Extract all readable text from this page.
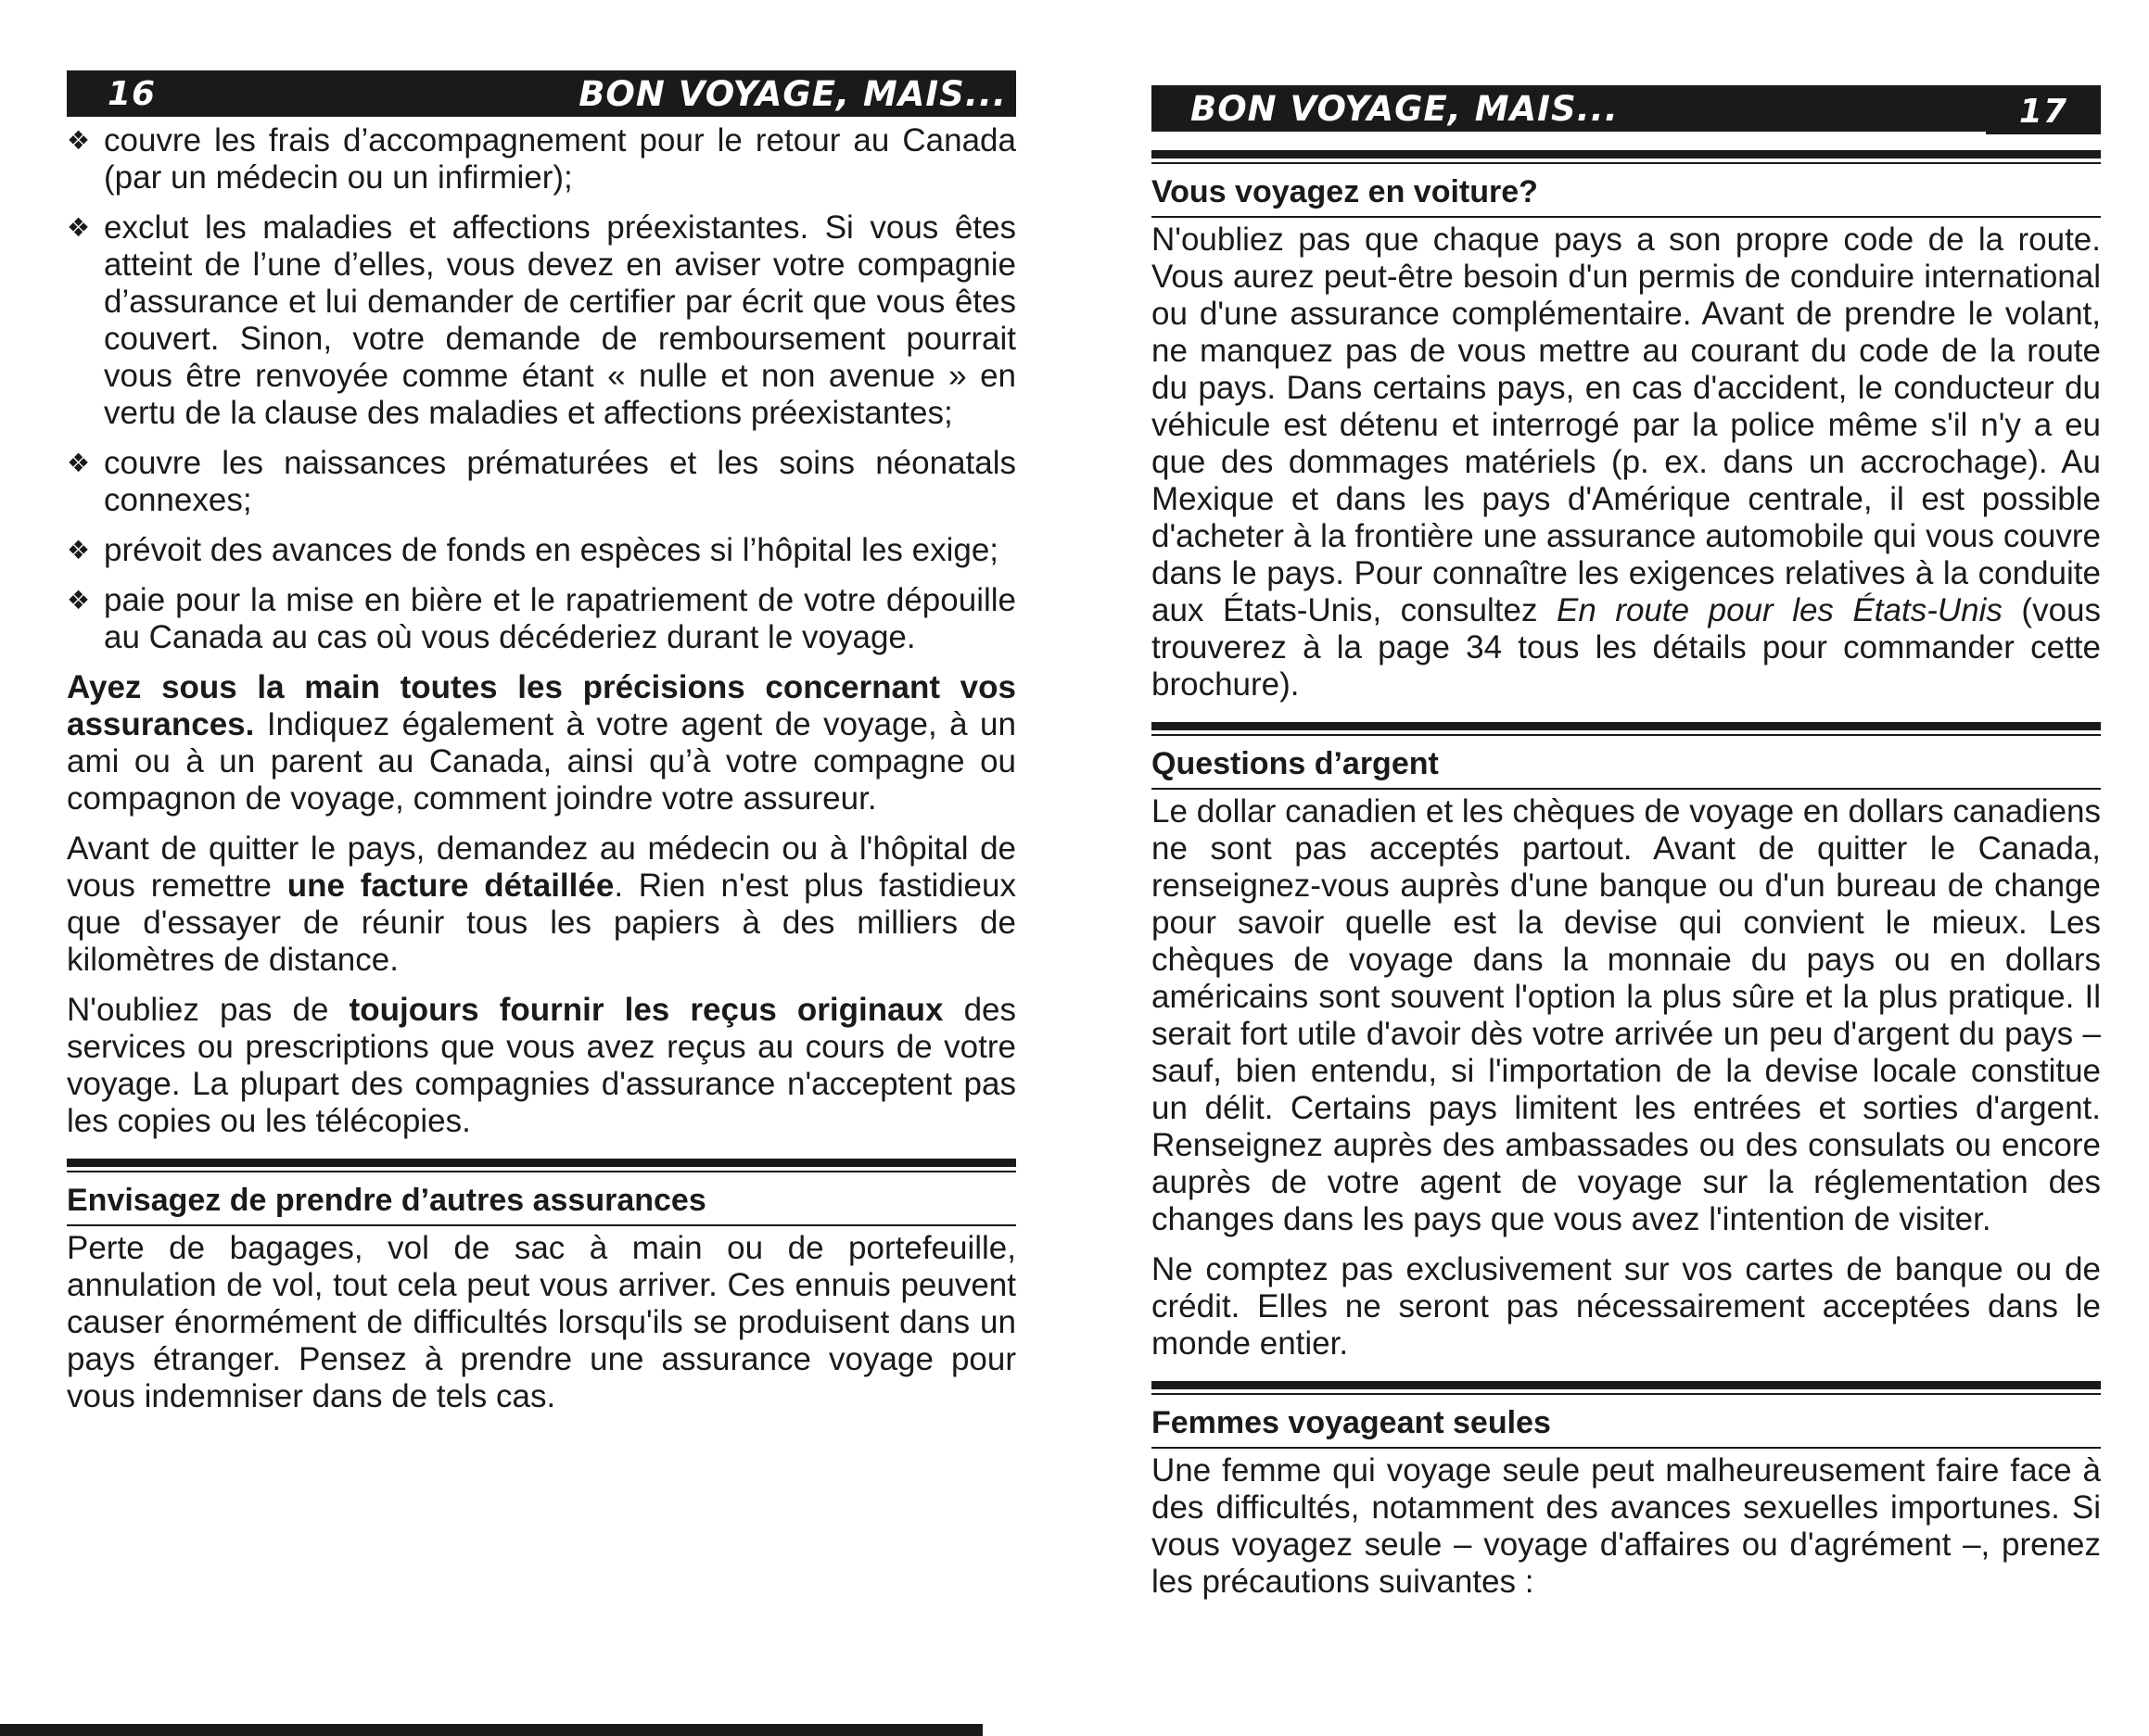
16	BON VOYAGE, MAIS...
❖ couvre les frais d’accompagnement pour le retour au Canada (par un médecin ou un infirmier);
❖ exclut les maladies et affections préexistantes. Si vous êtes atteint de l’une d’elles, vous devez en aviser votre compagnie d’assurance et lui demander de certifier par écrit que vous êtes couvert. Sinon, votre demande de remboursement pourrait vous être renvoyée comme étant « nulle et non avenue » en vertu de la clause des maladies et affections préexistantes;
❖ couvre les naissances prématurées et les soins néonatals connexes;
❖ prévoit des avances de fonds en espèces si l’hôpital les exige;
❖ paie pour la mise en bière et le rapatriement de votre dépouille au Canada au cas où vous décéderiez durant le voyage.

Ayez sous la main toutes les précisions concernant vos assurances. Indiquez également à votre agent de voyage, à un ami ou à un parent au Canada, ainsi qu’à votre compagne ou compagnon de voyage, comment joindre votre assureur.

Avant de quitter le pays, demandez au médecin ou à l'hôpital de vous remettre une facture détaillée. Rien n'est plus fastidieux que d'essayer de réunir tous les papiers à des milliers de kilomètres de distance.

N'oubliez pas de toujours fournir les reçus originaux des services ou prescriptions que vous avez reçus au cours de votre voyage. La plupart des compagnies d'assurance n'acceptent pas les copies ou les télécopies.

Envisagez de prendre d’autres assurances

Perte de bagages, vol de sac à main ou de portefeuille, annulation de vol, tout cela peut vous arriver. Ces ennuis peuvent causer énormément de difficultés lorsqu'ils se produisent dans un pays étranger. Pensez à prendre une assurance voyage pour vous indemniser dans de tels cas.

BON VOYAGE, MAIS...	17
Vous voyagez en voiture?

N'oubliez pas que chaque pays a son propre code de la route. Vous aurez peut-être besoin d'un permis de conduire international ou d'une assurance complémentaire. Avant de prendre le volant, ne manquez pas de vous mettre au courant du code de la route du pays. Dans certains pays, en cas d'accident, le conducteur du véhicule est détenu et interrogé par la police même s'il n'y a eu que des dommages matériels (p. ex. dans un accrochage). Au Mexique et dans les pays d'Amérique centrale, il est possible d'acheter à la frontière une assurance automobile qui vous couvre dans le pays. Pour connaître les exigences relatives à la conduite aux États-Unis, consultez En route pour les États-Unis (vous trouverez à la page 34 tous les détails pour commander cette brochure).

Questions d’argent

Le dollar canadien et les chèques de voyage en dollars canadiens ne sont pas acceptés partout. Avant de quitter le Canada, renseignez-vous auprès d'une banque ou d'un bureau de change pour savoir quelle est la devise qui convient le mieux. Les chèques de voyage dans la monnaie du pays ou en dollars américains sont souvent l'option la plus sûre et la plus pratique. Il serait fort utile d'avoir dès votre arrivée un peu d'argent du pays – sauf, bien entendu, si l'importation de la devise locale constitue un délit. Certains pays limitent les entrées et sorties d'argent. Renseignez auprès des ambassades ou des consulats ou encore auprès de votre agent de voyage sur la réglementation des changes dans les pays que vous avez l'intention de visiter.

Ne comptez pas exclusivement sur vos cartes de banque ou de crédit. Elles ne seront pas nécessairement acceptées dans le monde entier.

Femmes voyageant seules

Une femme qui voyage seule peut malheureusement faire face à des difficultés, notamment des avances sexuelles importunes. Si vous voyagez seule – voyage d'affaires ou d'agrément –, prenez les précautions suivantes :
